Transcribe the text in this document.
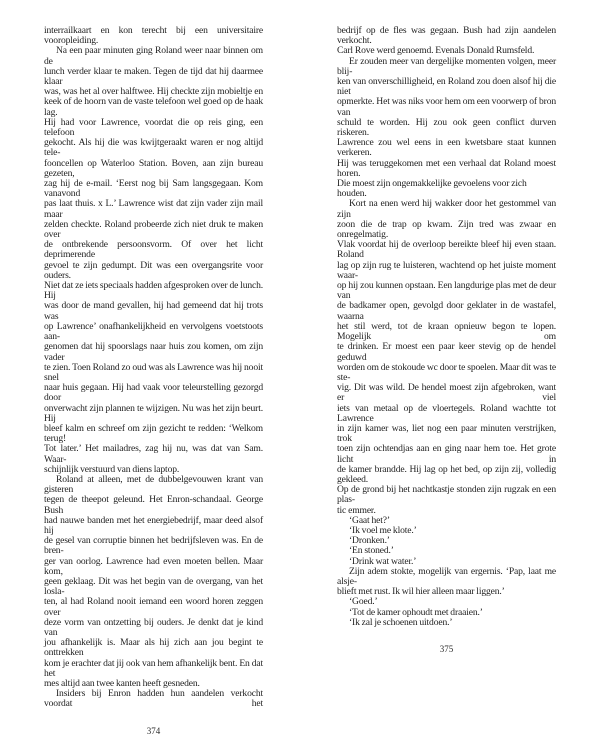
interrailkaart en kon terecht bij een universitaire vooropleiding.
Na een paar minuten ging Roland weer naar binnen om de
lunch verder klaar te maken. Tegen de tijd dat hij daarmee klaar
was, was het al over halftwee. Hij checkte zijn mobieltje en
keek of de hoorn van de vaste telefoon wel goed op de haak lag.
Hij had voor Lawrence, voordat die op reis ging, een telefoon
gekocht. Als hij die was kwijtgeraakt waren er nog altijd tele-
fooncellen op Waterloo Station. Boven, aan zijn bureau gezeten,
zag hij de e-mail. ‘Eerst nog bij Sam langsgegaan. Kom vanavond
pas laat thuis. x L.’ Lawrence wist dat zijn vader zijn mail maar
zelden checkte. Roland probeerde zich niet druk te maken over
de ontbrekende persoonsvorm. Of over het licht deprimerende
gevoel te zijn gedumpt. Dit was een overgangsrite voor ouders.
Niet dat ze iets speciaals hadden afgesproken over de lunch. Hij
was door de mand gevallen, hij had gemeend dat hij trots was
op Lawrence’ onafhankelijkheid en vervolgens voetstoots aan-
genomen dat hij spoorslags naar huis zou komen, om zijn vader
te zien. Toen Roland zo oud was als Lawrence was hij nooit snel
naar huis gegaan. Hij had vaak voor teleurstelling gezorgd door
onverwacht zijn plannen te wijzigen. Nu was het zijn beurt. Hij
bleef kalm en schreef om zijn gezicht te redden: ‘Welkom terug!
Tot later.’ Het mailadres, zag hij nu, was dat van Sam. Waar-
schijnlijk verstuurd van diens laptop.
Roland at alleen, met de dubbelgevouwen krant van gisteren
tegen de theepot geleund. Het Enron-schandaal. George Bush
had nauwe banden met het energiebedrijf, maar deed alsof hij
de gesel van corruptie binnen het bedrijfsleven was. En de bren-
ger van oorlog. Lawrence had even moeten bellen. Maar kom,
geen geklaag. Dit was het begin van de overgang, van het losla-
ten, al had Roland nooit iemand een woord horen zeggen over
deze vorm van ontzetting bij ouders. Je denkt dat je kind van
jou afhankelijk is. Maar als hij zich aan jou begint te onttrekken
kom je erachter dat jij ook van hem afhankelijk bent. En dat het
mes altijd aan twee kanten heeft gesneden.
Insiders bij Enron hadden hun aandelen verkocht voordat het
374
bedrijf op de fles was gegaan. Bush had zijn aandelen verkocht.
Carl Rove werd genoemd. Evenals Donald Rumsfeld.
Er zouden meer van dergelijke momenten volgen, meer blij-
ken van onverschilligheid, en Roland zou doen alsof hij die niet
opmerkte. Het was niks voor hem om een voorwerp of bron van
schuld te worden. Hij zou ook geen conflict durven riskeren.
Lawrence zou wel eens in een kwetsbare staat kunnen verkeren.
Hij was teruggekomen met een verhaal dat Roland moest horen.
Die moest zijn ongemakkelijke gevoelens voor zich houden.
Kort na enen werd hij wakker door het gestommel van zijn
zoon die de trap op kwam. Zijn tred was zwaar en onregelmatig.
Vlak voordat hij de overloop bereikte bleef hij even staan. Roland
lag op zijn rug te luisteren, wachtend op het juiste moment waar-
op hij zou kunnen opstaan. Een langdurige plas met de deur van
de badkamer open, gevolgd door geklater in de wastafel, waarna
het stil werd, tot de kraan opnieuw begon te lopen. Mogelijk om
te drinken. Er moest een paar keer stevig op de hendel geduwd
worden om de stokoude wc door te spoelen. Maar dit was te ste-
vig. Dit was wild. De hendel moest zijn afgebroken, want er viel
iets van metaal op de vloertegels. Roland wachtte tot Lawrence
in zijn kamer was, liet nog een paar minuten verstrijken, trok
toen zijn ochtendjas aan en ging naar hem toe. Het grote licht in
de kamer brandde. Hij lag op het bed, op zijn zij, volledig gekleed.
Op de grond bij het nachtkastje stonden zijn rugzak en een plas-
tic emmer.
‘Gaat het?’
‘Ik voel me klote.’
‘Dronken.’
‘En stoned.’
‘Drink wat water.’
Zijn adem stokte, mogelijk van ergernis. ‘Pap, laat me alsje-
blieft met rust. Ik wil hier alleen maar liggen.’
‘Goed.’
‘Tot de kamer ophoudt met draaien.’
‘Ik zal je schoenen uitdoen.’
375
